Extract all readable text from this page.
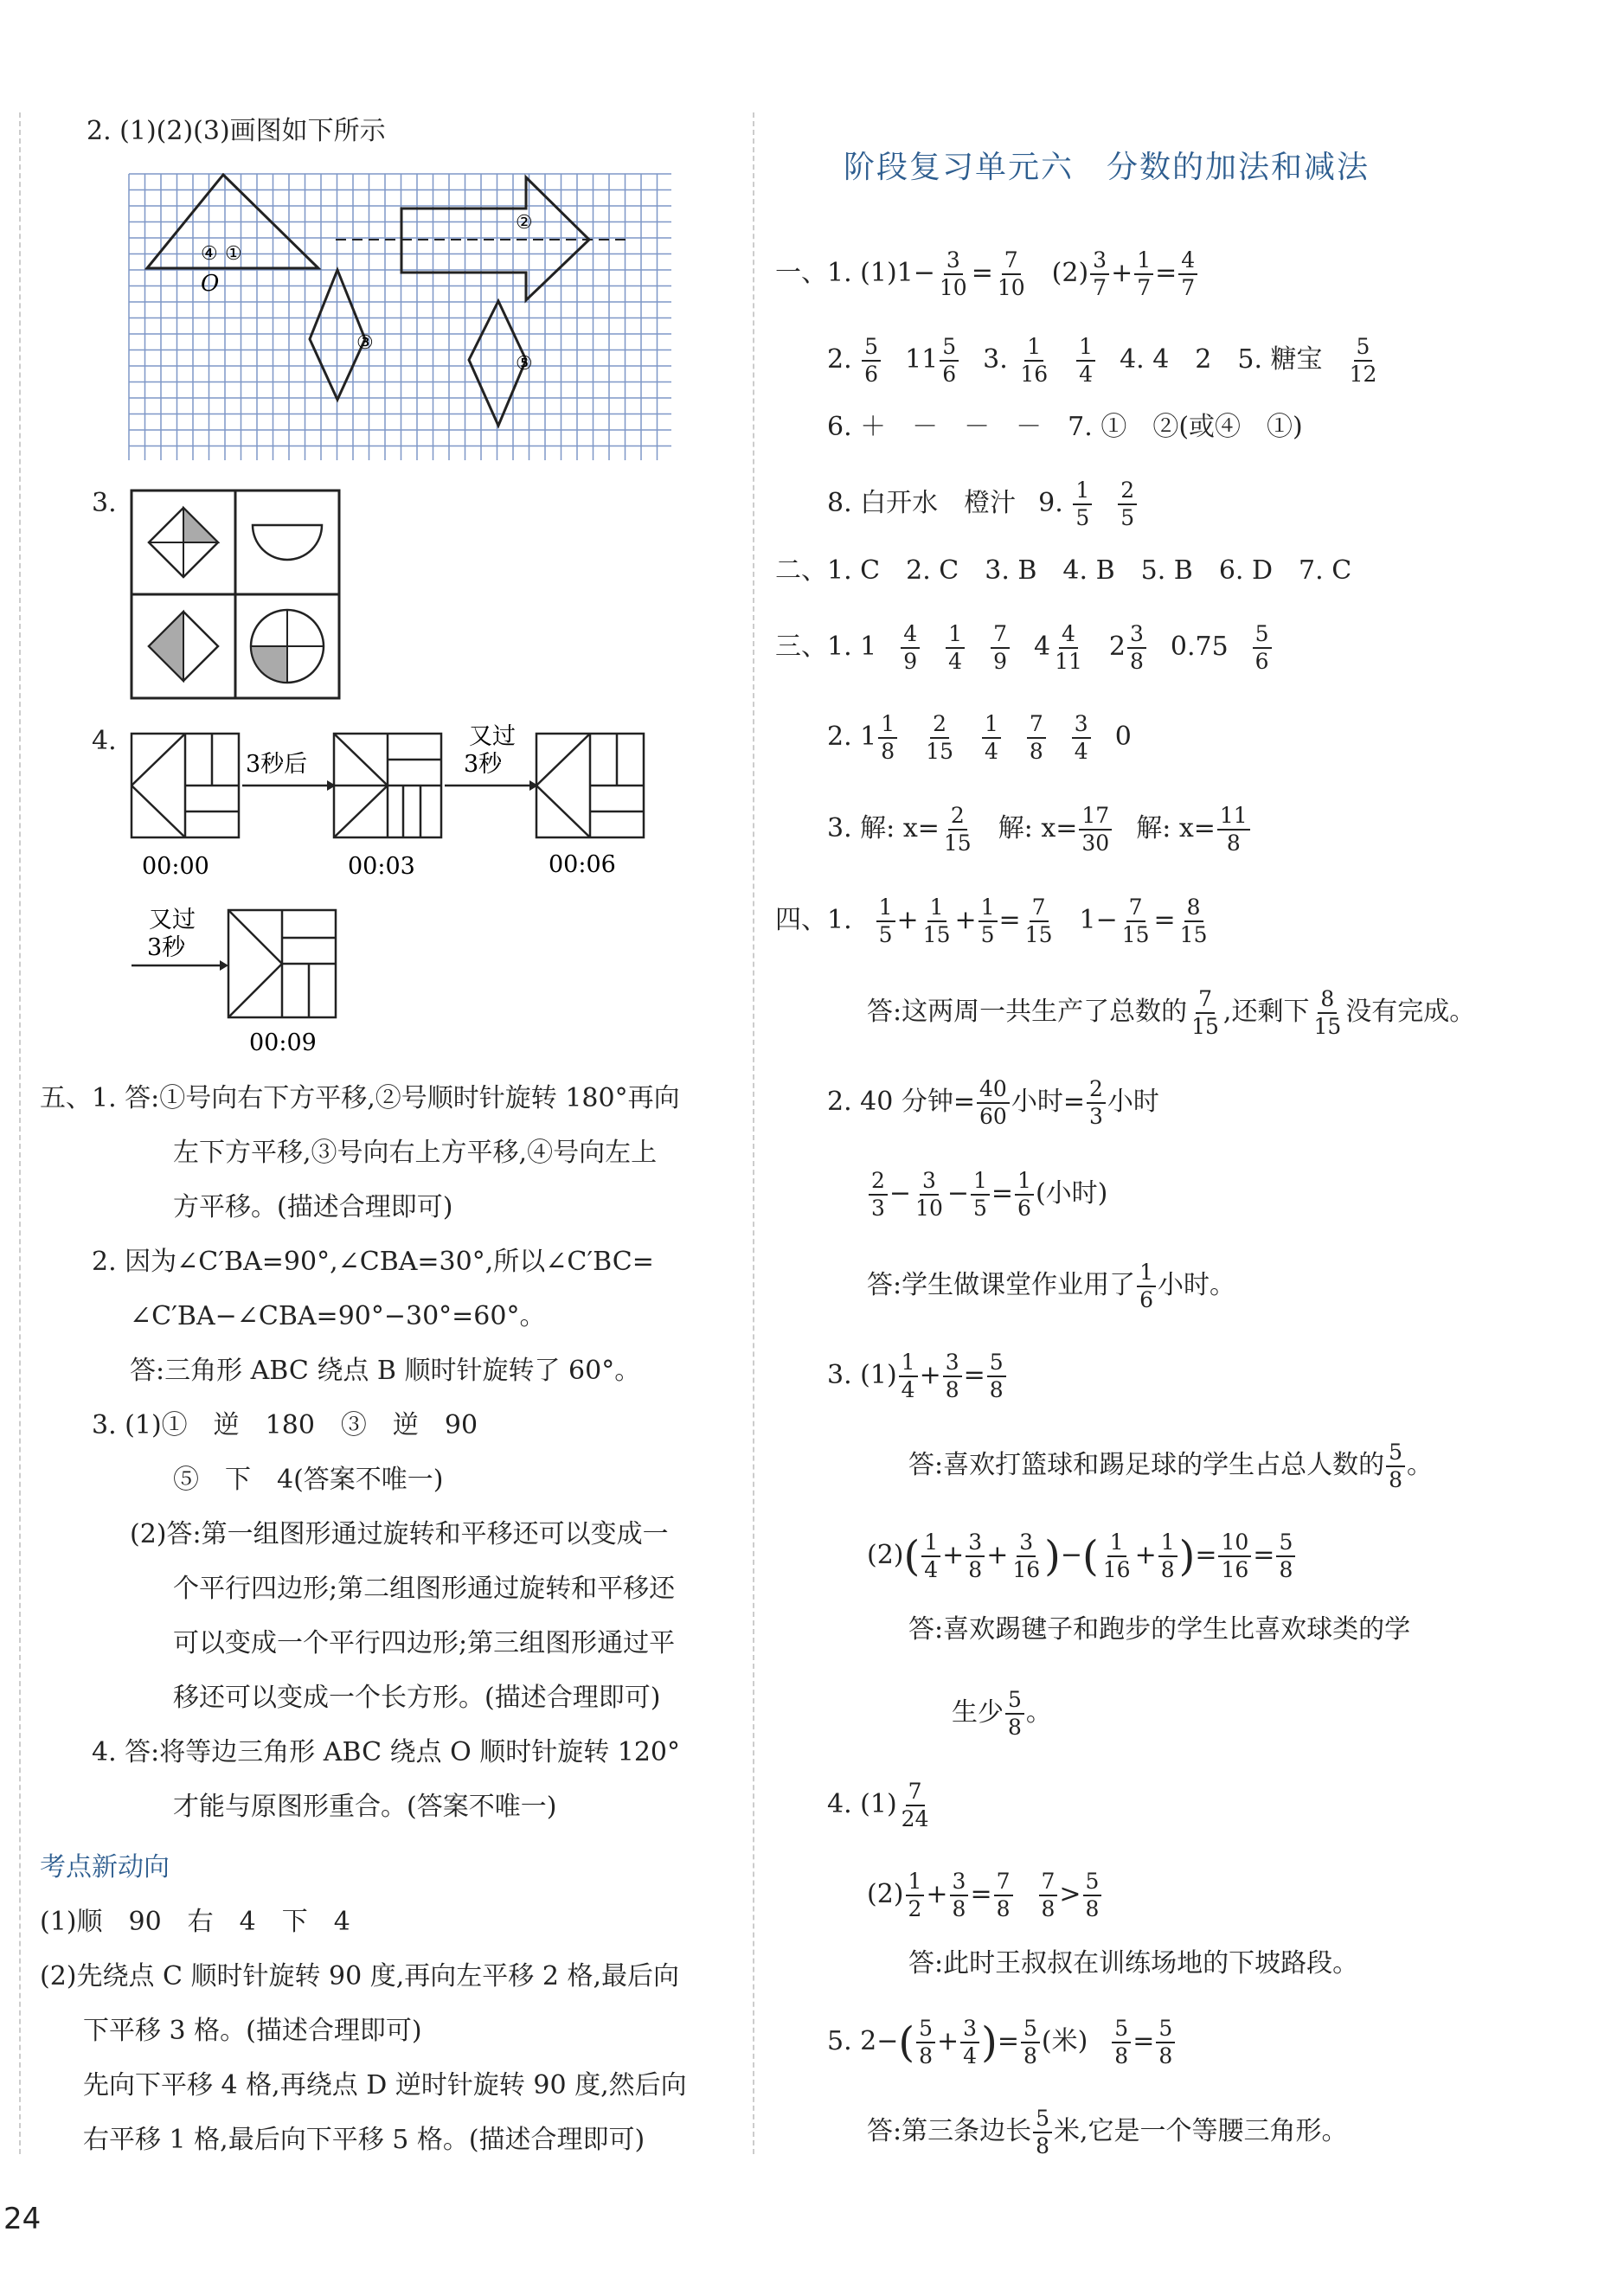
2. (1)(2)(3)画图如下所示
④ ①
O
②
③
⑤
3.
4.
3秒后
又过
3秒
又过
3秒
00:00	00:03	00:06
00:09
五、1. 答:①号向右下方平移,②号顺时针旋转 180°再向
左下方平移,③号向右上方平移,④号向左上
方平移。(描述合理即可)
2. 因为∠C′BA=90°,∠CBA=30°,所以∠C′BC=
∠C′BA−∠CBA=90°−30°=60°。
答:三角形 ABC 绕点 B 顺时针旋转了 60°。
3. (1)①　逆　180　③　逆　90
⑤　下　4(答案不唯一)
(2)答:第一组图形通过旋转和平移还可以变成一
个平行四边形;第二组图形通过旋转和平移还
可以变成一个平行四边形;第三组图形通过平
移还可以变成一个长方形。(描述合理即可)
4. 答:将等边三角形 ABC 绕点 O 顺时针旋转 120°
才能与原图形重合。(答案不唯一)
考点新动向
(1)顺　90　右　4　下　4
(2)先绕点 C 顺时针旋转 90 度,再向左平移 2 格,最后向
下平移 3 格。(描述合理即可)
先向下平移 4 格,再绕点 D 逆时针旋转 90 度,然后向
右平移 1 格,最后向下平移 5 格。(描述合理即可)
24
阶段复习单元六　分数的加法和减法
一、1. $(1)1- \frac{3}{10} = \frac{7}{10} (2) \frac{3}{7} + \frac{1}{7} = \frac{4}{7}$
2. $\frac{5}{6} 11 \frac{5}{6} 3$. $\frac{1}{16} \frac{1}{4} 4$. 4　2　5. 糖宝 $\frac{5}{12}$
6. ＋　－　－　－　7. ①　②(或④　①)
8. 白开水　橙汁 9. $\frac{1}{5} \frac{2}{5}$
二、1. C　2. C　3. B　4. B　5. B　6. D　7. C
三、1. $1 \frac{4}{9} \frac{1}{4} \frac{7}{9} 4 \frac{4}{11} 2 \frac{3}{8} 0.75 \frac{5}{6}$
2. $1 \frac{1}{8} \frac{2}{15} \frac{1}{4} \frac{7}{8} \frac{3}{4} 0$
3. 解: $x= \frac{2}{15}$ 解: $x= \frac{17}{30}$ 解: $x= \frac{11}{8}$
四、1. $\frac{1}{5} + \frac{1}{15} + \frac{1}{5} = \frac{7}{15} 1- \frac{7}{15} = \frac{8}{15}$
答:这两周一共生产了总数的 $\frac{7}{15}$ ,还剩下 $\frac{8}{15}$ 没有完成。
2. 40 分钟= $\frac{40}{60}$ 小时= $\frac{2}{3}$ 小时
$\frac{2}{3} - \frac{3}{10} - \frac{1}{5} = \frac{1}{6}$ (小时)
答:学生做课堂作业用了 $\frac{1}{6}$ 小时。
3. $(1) \frac{1}{4} + \frac{3}{8} = \frac{5}{8}$
答:喜欢打篮球和踢足球的学生占总人数的 $\frac{5}{8}$ 。
$(2)( \frac{1}{4} + \frac{3}{8} + \frac{3}{16}$ )−( $\frac{1}{16} + \frac{1}{8}$ )= $\frac{10}{16} = \frac{5}{8}$
答:喜欢踢毽子和跑步的学生比喜欢球类的学
生少 $\frac{5}{8}$ 。
4. $(1) \frac{7}{24}$
$(2) \frac{1}{2} + \frac{3}{8} = \frac{7}{8} \frac{7}{8} > \frac{5}{8}$
答:此时王叔叔在训练场地的下坡路段。
5. $2-( \frac{5}{8} + \frac{3}{4}$ )= $\frac{5}{8}$ (米) $\frac{5}{8} = \frac{5}{8}$
答:第三条边长 $\frac{5}{8}$ 米,它是一个等腰三角形。
